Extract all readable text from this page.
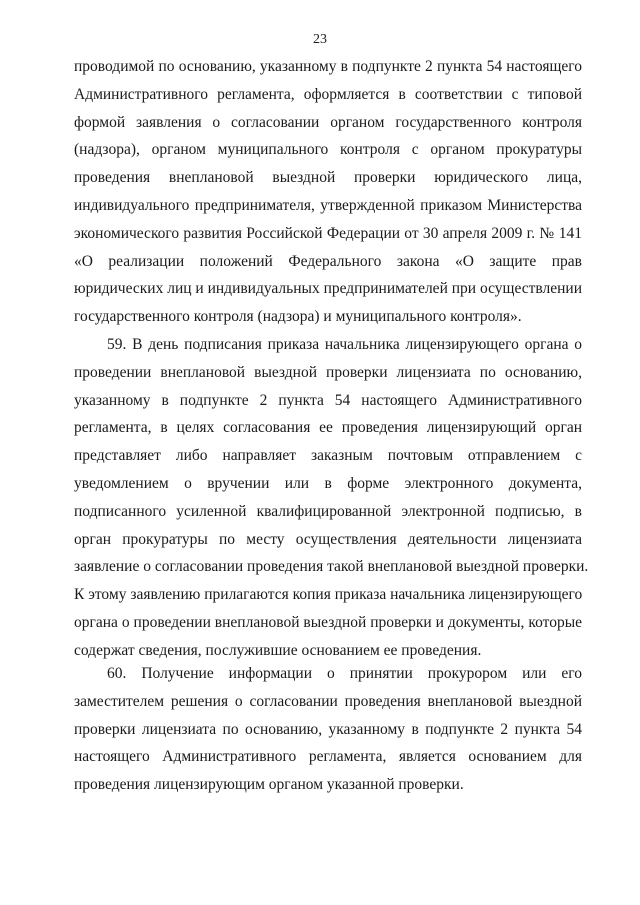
23
проводимой по основанию, указанному в подпункте 2 пункта 54 настоящего
Административного регламента, оформляется в соответствии с типовой
формой заявления о согласовании органом государственного контроля
(надзора), органом муниципального контроля с органом прокуратуры
проведения внеплановой выездной проверки юридического лица,
индивидуального предпринимателя, утвержденной приказом Министерства
экономического развития Российской Федерации от 30 апреля 2009 г. № 141
«О реализации положений Федерального закона «О защите прав
юридических лиц и индивидуальных предпринимателей при осуществлении
государственного контроля (надзора) и муниципального контроля».
59. В день подписания приказа начальника лицензирующего органа о
проведении внеплановой выездной проверки лицензиата по основанию,
указанному в подпункте 2 пункта 54 настоящего Административного
регламента, в целях согласования ее проведения лицензирующий орган
представляет либо направляет заказным почтовым отправлением с
уведомлением о вручении или в форме электронного документа,
подписанного усиленной квалифицированной электронной подписью, в
орган прокуратуры по месту осуществления деятельности лицензиата
заявление о согласовании проведения такой внеплановой выездной проверки.
К этому заявлению прилагаются копия приказа начальника лицензирующего
органа о проведении внеплановой выездной проверки и документы, которые
содержат сведения, послужившие основанием ее проведения.
60. Получение информации о принятии прокурором или его
заместителем решения о согласовании проведения внеплановой выездной
проверки лицензиата по основанию, указанному в подпункте 2 пункта 54
настоящего Административного регламента, является основанием для
проведения лицензирующим органом указанной проверки.
